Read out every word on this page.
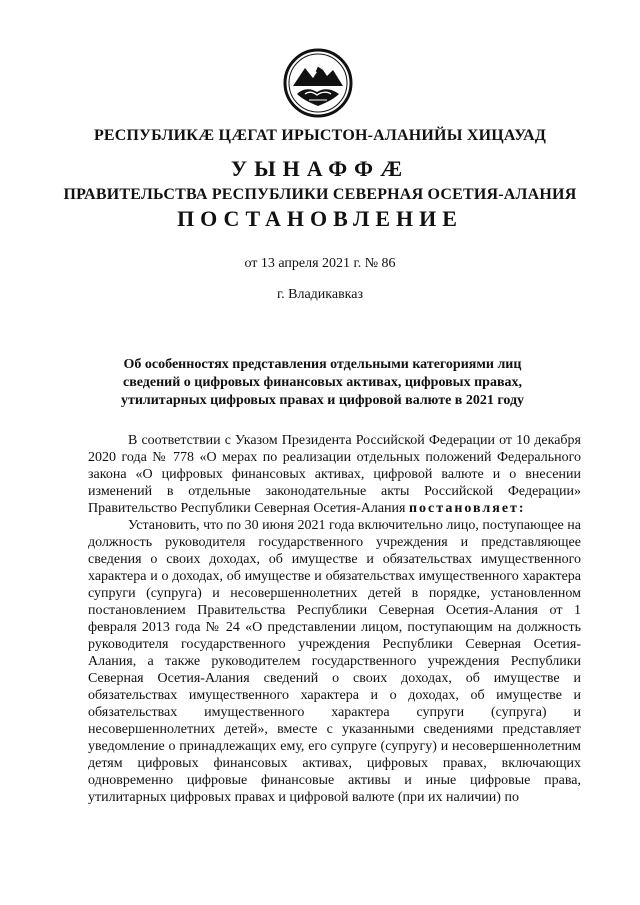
РЕСПУБЛИКӔ ЦӔГАТ ИРЫСТОН-АЛАНИЙЫ ХИЦАУАД
УЫНАФФӔ
ПРАВИТЕЛЬСТВА РЕСПУБЛИКИ СЕВЕРНАЯ ОСЕТИЯ-АЛАНИЯ
ПОСТАНОВЛЕНИЕ
от 13 апреля 2021 г. № 86
г. Владикавказ
Об особенностях представления отдельными категориями лиц сведений о цифровых финансовых активах, цифровых правах, утилитарных цифровых правах и цифровой валюте в 2021 году

В соответствии с Указом Президента Российской Федерации от 10 декабря 2020 года № 778 «О мерах по реализации отдельных положений Федерального закона «О цифровых финансовых активах, цифровой валюте и о внесении изменений в отдельные законодательные акты Российской Федерации» Правительство Республики Северная Осетия-Алания постановляет:

Установить, что по 30 июня 2021 года включительно лицо, поступающее на должность руководителя государственного учреждения и представляющее сведения о своих доходах, об имуществе и обязательствах имущественного характера и о доходах, об имуществе и обязательствах имущественного характера супруги (супруга) и несовершеннолетних детей в порядке, установленном постановлением Правительства Республики Северная Осетия-Алания от 1 февраля 2013 года № 24 «О представлении лицом, поступающим на должность руководителя государственного учреждения Республики Северная Осетия-Алания, а также руководителем государственного учреждения Республики Северная Осетия-Алания сведений о своих доходах, об имуществе и обязательствах имущественного характера и о доходах, об имуществе и обязательствах имущественного характера супруги (супруга) и несовершеннолетних детей», вместе с указанными сведениями представляет уведомление о принадлежащих ему, его супруге (супругу) и несовершеннолетним детям цифровых финансовых активах, цифровых правах, включающих одновременно цифровые финансовые активы и иные цифровые права, утилитарных цифровых правах и цифровой валюте (при их наличии) по
